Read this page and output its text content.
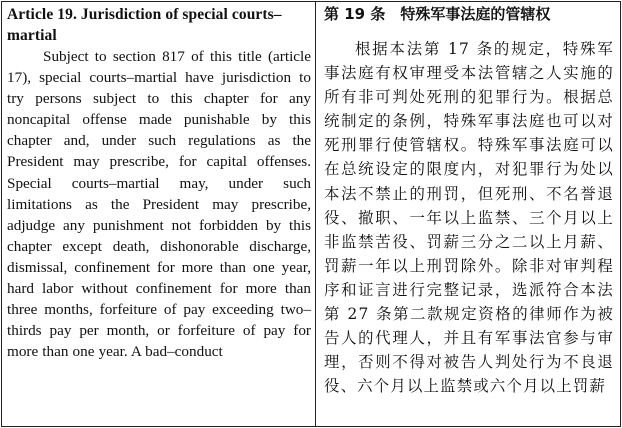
Article 19. Jurisdiction of special courts–martial

Subject to section 817 of this title (article 17), special courts–martial have jurisdiction to try persons subject to this chapter for any noncapital offense made punishable by this chapter and, under such regulations as the President may prescribe, for capital offenses. Special courts–martial may, under such limitations as the President may prescribe, adjudge any punishment not forbidden by this chapter except death, dishonorable discharge, dismissal, confinement for more than one year, hard labor without confinement for more than three months, forfeiture of pay exceeding two–thirds pay per month, or forfeiture of pay for more than one year. A bad–conduct

第 19 条　特殊军事法庭的管辖权

根据本法第 17 条的规定，特殊军事法庭有权审理受本法管辖之人实施的所有非可判处死刑的犯罪行为。根据总统制定的条例，特殊军事法庭也可以对死刑罪行使管辖权。特殊军事法庭可以在总统设定的限度内，对犯罪行为处以本法不禁止的刑罚，但死刑、不名誉退役、撤职、一年以上监禁、三个月以上非监禁苦役、罚薪三分之二以上月薪、罚薪一年以上刑罚除外。除非对审判程序和证言进行完整记录，选派符合本法第 27 条第二款规定资格的律师作为被告人的代理人，并且有军事法官参与审理，否则不得对被告人判处行为不良退役、六个月以上监禁或六个月以上罚薪
